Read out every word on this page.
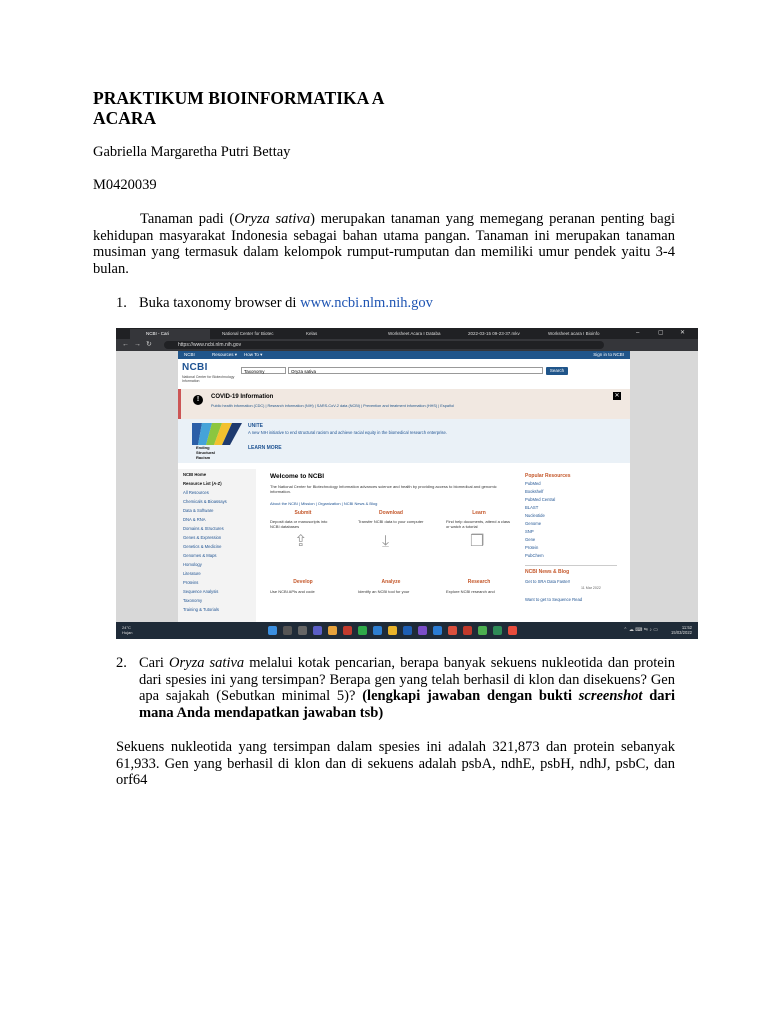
PRAKTIKUM BIOINFORMATIKA A ACARA
Gabriella Margaretha Putri Bettay
M0420039

Tanaman padi (Oryza sativa) merupakan tanaman yang memegang peranan penting bagi kehidupan masyarakat Indonesia sebagai bahan utama pangan. Tanaman ini merupakan tanaman musiman yang termasuk dalam kelompok rumput-rumputan dan memiliki umur pendek yaitu 3-4 bulan.

1. Buka taxonomy browser di www.ncbi.nlm.nih.gov
NCBI - Cari	National Center for Biotec	Kelas	Worksheet Acara I Databa	2022-03-15 09-23-37.mkv	Worksheet acara I Bioinfo	–	▢	✕
← → ↻	https://www.ncbi.nlm.nih.gov
NCBI	Resources ▾ How To ▾	Sign in to NCBI
NCBI
National Center for Biotechnology Information
Taxonomy	Oryza sativa	Search
!	COVID-19 Information
Public health information (CDC) | Research information (NIH) | SARS-CoV-2 data (NCBI) | Prevention and treatment information (HHS) | Español
✕
Ending Structural Racism
UNITE
A new NIH initiative to end structural racism and achieve racial equity in the biomedical research enterprise.
LEARN MORE
NCBI Home
Resource List (A-Z)
All Resources
Chemicals & Bioassays
Data & Software
DNA & RNA
Domains & Structures
Genes & Expression
Genetics & Medicine
Genomes & Maps
Homology
Literature
Proteins
Sequence Analysis
Taxonomy
Training & Tutorials
Welcome to NCBI
The National Center for Biotechnology Information advances science and health by providing access to biomedical and genomic information.
About the NCBI | Mission | Organization | NCBI News & Blog
Submit
Deposit data or manuscripts into NCBI databases
⇪
Download
Transfer NCBI data to your computer
⤓
Learn
Find help documents, attend a class or watch a tutorial
❒
Develop
Use NCBI APIs and code
Analyze
Identify an NCBI tool for your
Research
Explore NCBI research and
Popular Resources
PubMed
Bookshelf
PubMed Central
BLAST
Nucleotide
Genome
SNP
Gene
Protein
PubChem
NCBI News & Blog
Get to SRA Data Faster!
11 Mar 2022
Want to get to Sequence Read
24°C
Hujan	⌃ ☁ ⌨ ⇋ ♪ ▭	11:52
15/03/2022
2. Cari Oryza sativa melalui kotak pencarian, berapa banyak sekuens nukleotida dan protein dari spesies ini yang tersimpan? Berapa gen yang telah berhasil di klon dan disekuens? Gen apa sajakah (Sebutkan minimal 5)? (lengkapi jawaban dengan bukti screenshot dari mana Anda mendapatkan jawaban tsb)

Sekuens nukleotida yang tersimpan dalam spesies ini adalah 321,873 dan protein sebanyak 61,933. Gen yang berhasil di klon dan di sekuens adalah psbA, ndhE, psbH, ndhJ, psbC, dan orf64
